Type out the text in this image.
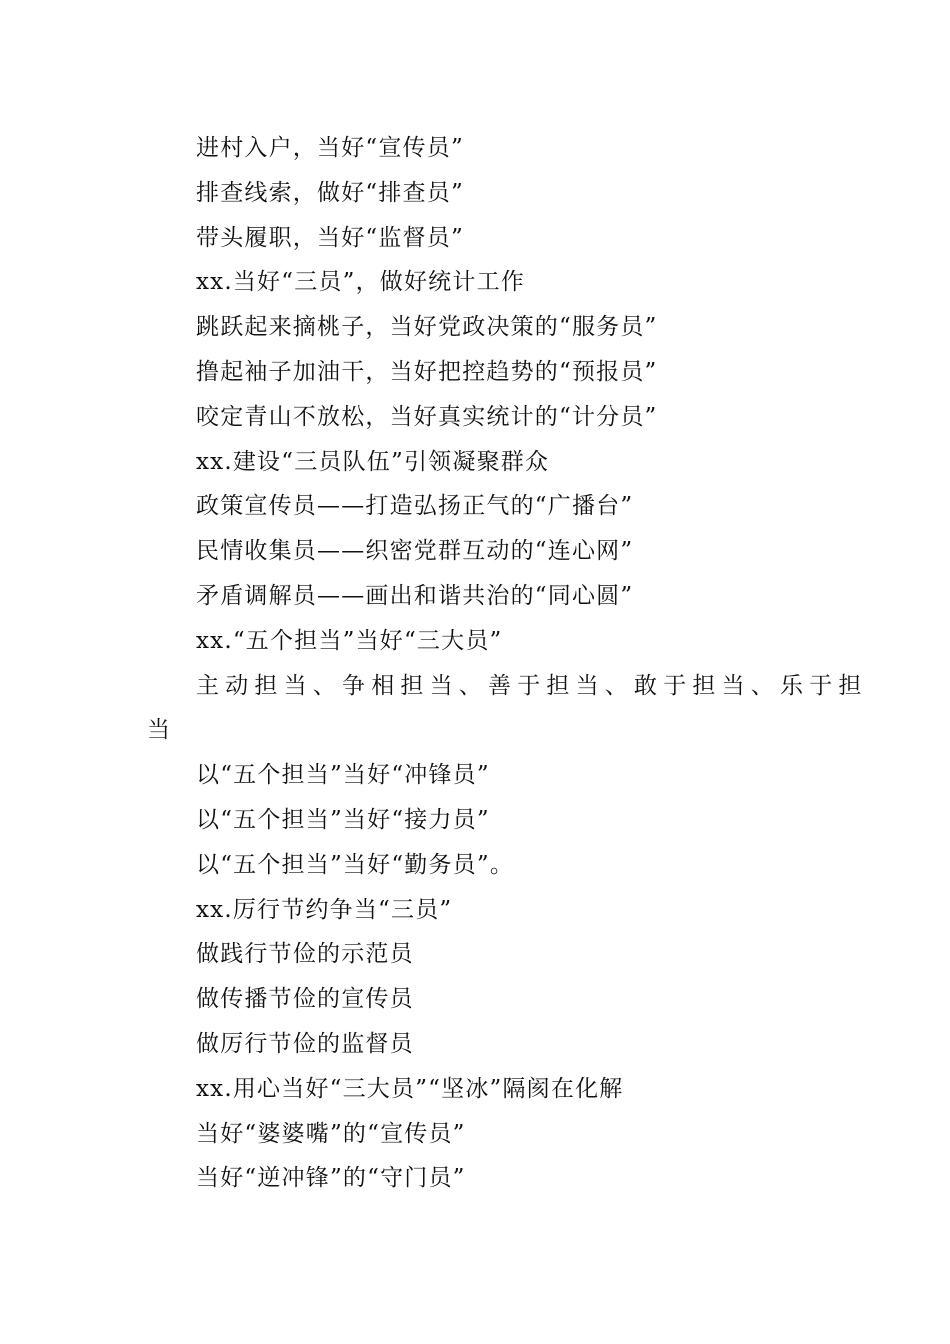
进村入户，当好“宣传员”
排查线索，做好“排查员”
带头履职，当好“监督员”
xx.当好“三员”，做好统计工作
跳跃起来摘桃子，当好党政决策的“服务员”
撸起袖子加油干，当好把控趋势的“预报员”
咬定青山不放松，当好真实统计的“计分员”
xx.建设“三员队伍”引领凝聚群众
政策宣传员——打造弘扬正气的“广播台”
民情收集员——织密党群互动的“连心网”
矛盾调解员——画出和谐共治的“同心圆”
xx.“五个担当”当好“三大员”
主动担当、争相担当、善于担当、敢于担当、乐于担
当
以“五个担当”当好“冲锋员”
以“五个担当”当好“接力员”
以“五个担当”当好“勤务员”。
xx.厉行节约争当“三员”
做践行节俭的示范员
做传播节俭的宣传员
做厉行节俭的监督员
xx.用心当好“三大员”“坚冰”隔阂在化解
当好“婆婆嘴”的“宣传员”
当好“逆冲锋”的“守门员”
